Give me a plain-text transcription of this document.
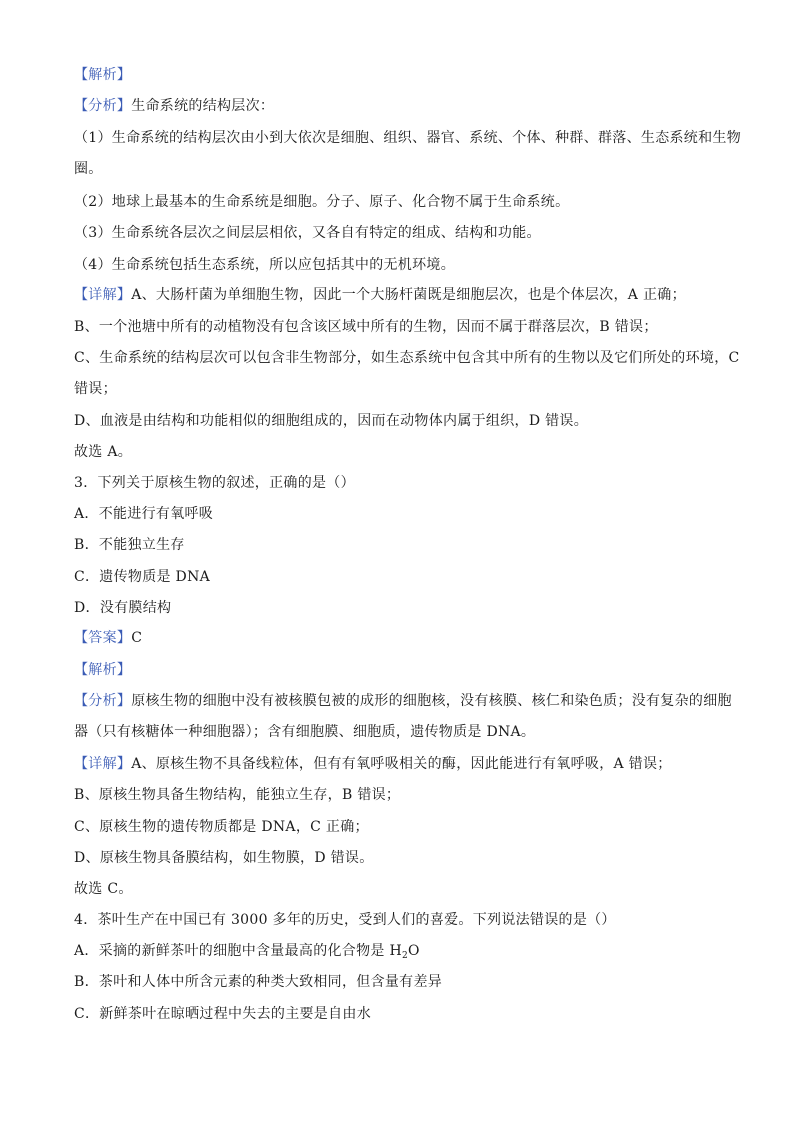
【解析】
【分析】生命系统的结构层次：
（1）生命系统的结构层次由小到大依次是细胞、组织、器官、系统、个体、种群、群落、生态系统和生物
圈。
（2）地球上最基本的生命系统是细胞。分子、原子、化合物不属于生命系统。
（3）生命系统各层次之间层层相依，又各自有特定的组成、结构和功能。
（4）生命系统包括生态系统，所以应包括其中的无机环境。
【详解】A、大肠杆菌为单细胞生物，因此一个大肠杆菌既是细胞层次，也是个体层次，A 正确；
B、一个池塘中所有的动植物没有包含该区域中所有的生物，因而不属于群落层次，B 错误；
C、生命系统的结构层次可以包含非生物部分，如生态系统中包含其中所有的生物以及它们所处的环境，C
错误；
D、血液是由结构和功能相似的细胞组成的，因而在动物体内属于组织，D 错误。
故选 A。
3．下列关于原核生物的叙述，正确的是（）
A．不能进行有氧呼吸
B．不能独立生存
C．遗传物质是 DNA
D．没有膜结构
【答案】C
【解析】
【分析】原核生物的细胞中没有被核膜包被的成形的细胞核，没有核膜、核仁和染色质；没有复杂的细胞
器（只有核糖体一种细胞器）；含有细胞膜、细胞质，遗传物质是 DNA。
【详解】A、原核生物不具备线粒体，但有有氧呼吸相关的酶，因此能进行有氧呼吸，A 错误；
B、原核生物具备生物结构，能独立生存，B 错误；
C、原核生物的遗传物质都是 DNA，C 正确；
D、原核生物具备膜结构，如生物膜，D 错误。
故选 C。
4．茶叶生产在中国已有 3000 多年的历史，受到人们的喜爱。下列说法错误的是（）
A．采摘的新鲜茶叶的细胞中含量最高的化合物是 $H_2O$
B．茶叶和人体中所含元素的种类大致相同，但含量有差异
C．新鲜茶叶在晾晒过程中失去的主要是自由水
